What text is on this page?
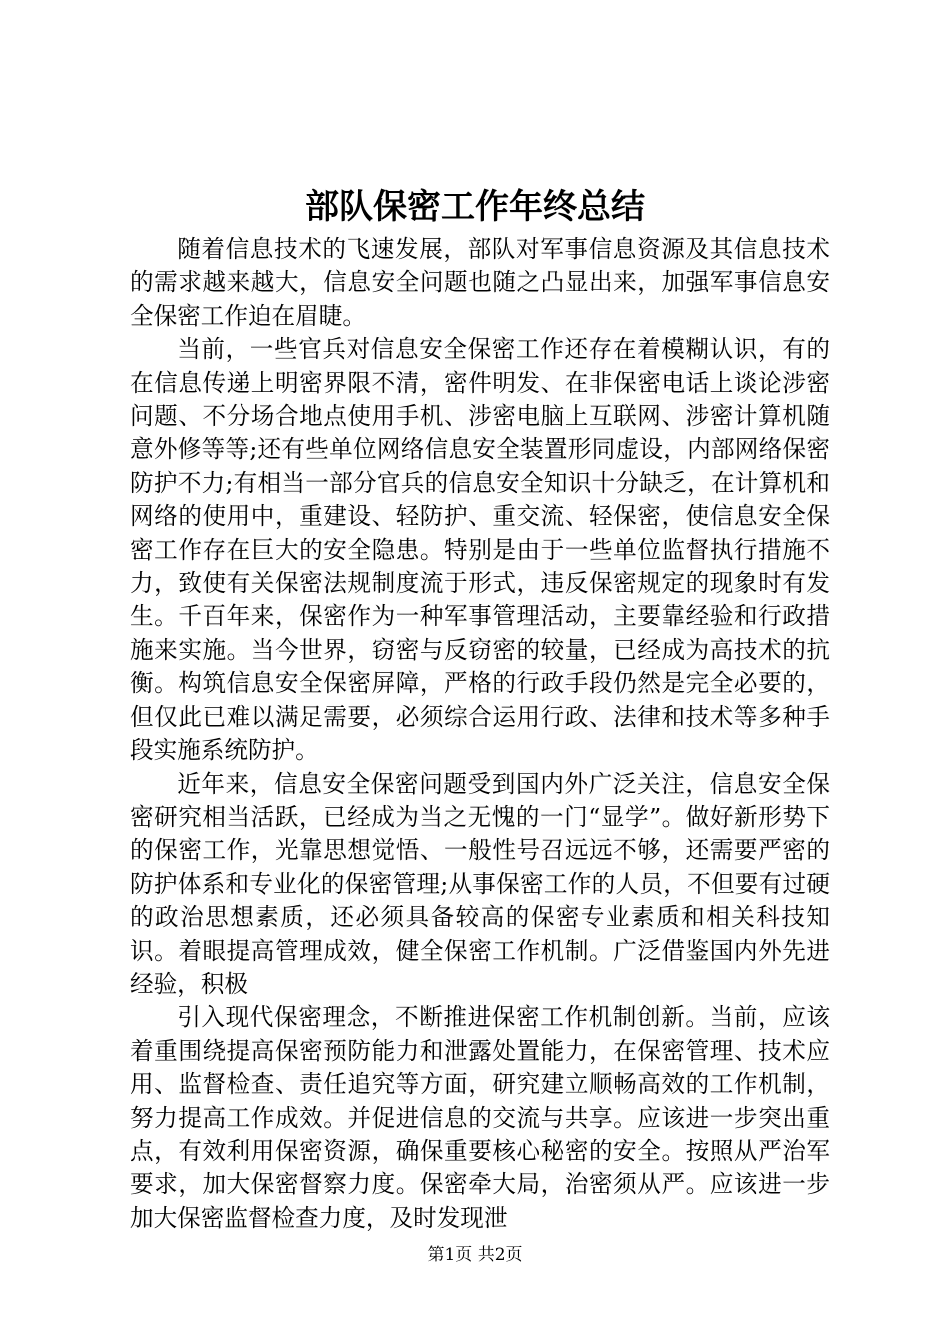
部队保密工作年终总结

随着信息技术的飞速发展，部队对军事信息资源及其信息技术的需求越来越大，信息安全问题也随之凸显出来，加强军事信息安全保密工作迫在眉睫。

当前，一些官兵对信息安全保密工作还存在着模糊认识，有的在信息传递上明密界限不清，密件明发、在非保密电话上谈论涉密问题、不分场合地点使用手机、涉密电脑上互联网、涉密计算机随意外修等等;还有些单位网络信息安全装置形同虚设，内部网络保密防护不力;有相当一部分官兵的信息安全知识十分缺乏，在计算机和网络的使用中，重建设、轻防护、重交流、轻保密，使信息安全保密工作存在巨大的安全隐患。特别是由于一些单位监督执行措施不力，致使有关保密法规制度流于形式，违反保密规定的现象时有发生。千百年来，保密作为一种军事管理活动，主要靠经验和行政措施来实施。当今世界，窃密与反窃密的较量，已经成为高技术的抗衡。构筑信息安全保密屏障，严格的行政手段仍然是完全必要的，但仅此已难以满足需要，必须综合运用行政、法律和技术等多种手段实施系统防护。

近年来，信息安全保密问题受到国内外广泛关注，信息安全保密研究相当活跃，已经成为当之无愧的一门“显学”。做好新形势下的保密工作，光靠思想觉悟、一般性号召远远不够，还需要严密的防护体系和专业化的保密管理;从事保密工作的人员，不但要有过硬的政治思想素质，还必须具备较高的保密专业素质和相关科技知识。着眼提高管理成效，健全保密工作机制。广泛借鉴国内外先进经验，积极

引入现代保密理念，不断推进保密工作机制创新。当前，应该着重围绕提高保密预防能力和泄露处置能力，在保密管理、技术应用、监督检查、责任追究等方面，研究建立顺畅高效的工作机制，努力提高工作成效。并促进信息的交流与共享。应该进一步突出重点，有效利用保密资源，确保重要核心秘密的安全。按照从严治军要求，加大保密督察力度。保密牵大局，治密须从严。应该进一步加大保密监督检查力度，及时发现泄

第1页 共2页
